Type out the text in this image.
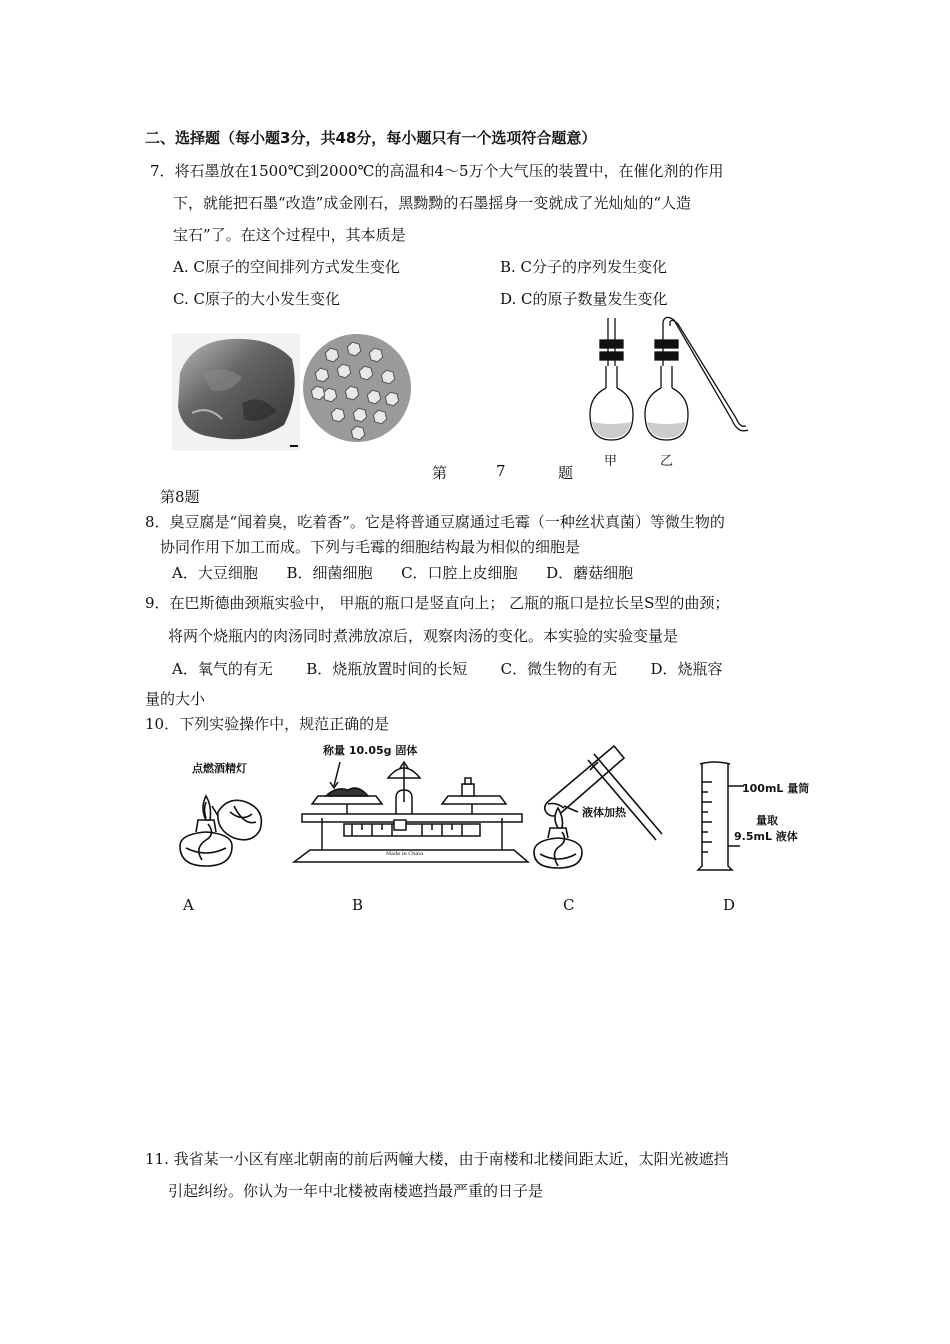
二、选择题（每小题3分，共48分，每小题只有一个选项符合题意）
7．将石墨放在1500℃到2000℃的高温和4～5万个大气压的装置中，在催化剂的作用
下，就能把石墨“改造”成金刚石，黑黝黝的石墨摇身一变就成了光灿灿的“人造
宝石”了。在这个过程中，其本质是
A. C原子的空间排列方式发生变化	B. C分子的序列发生变化
C. C原子的大小发生变化	D. C的原子数量发生变化
甲	乙
第	7	题
第8题
8．臭豆腐是“闻着臭，吃着香”。它是将普通豆腐通过毛霉（一种丝状真菌）等微生物的
协同作用下加工而成。下列与毛霉的细胞结构最为相似的细胞是
A．大豆细胞      B．细菌细胞      C．口腔上皮细胞      D．蘑菇细胞
9．在巴斯德曲颈瓶实验中， 甲瓶的瓶口是竖直向上； 乙瓶的瓶口是拉长呈S型的曲颈；
将两个烧瓶内的肉汤同时煮沸放凉后，观察肉汤的变化。本实验的实验变量是
A．氧气的有无       B．烧瓶放置时间的长短       C．微生物的有无       D．烧瓶容
量的大小
10．下列实验操作中，规范正确的是
点燃酒精灯
称量 10.05g 固体
Made in China
液体加热
100mL 量筒
量取
9.5mL 液体
A	B	C	D
11. 我省某一小区有座北朝南的前后两幢大楼，由于南楼和北楼间距太近，太阳光被遮挡
引起纠纷。你认为一年中北楼被南楼遮挡最严重的日子是
